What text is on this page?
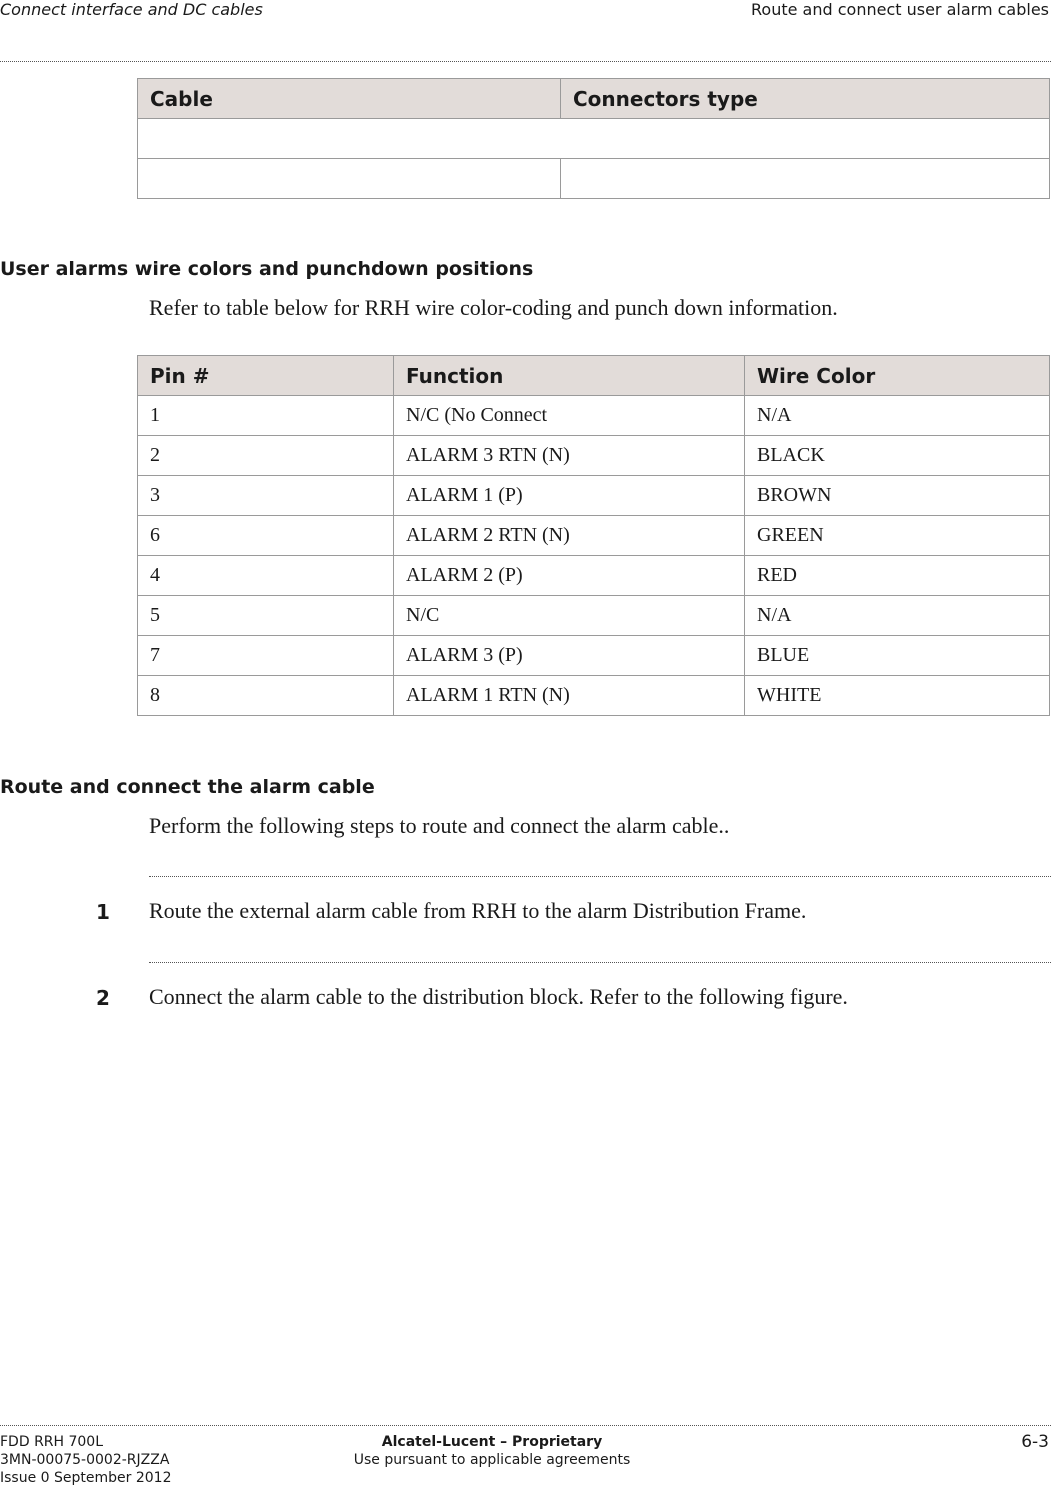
Connect interface and DC cables	Route and connect user alarm cables
Cable	Connectors type

User alarms wire colors and punchdown positions
Refer to table below for RRH wire color-coding and punch down information.
Pin #	Function	Wire Color
1	N/C (No Connect	N/A
2	ALARM 3 RTN (N)	BLACK
3	ALARM 1 (P)	BROWN
6	ALARM 2 RTN (N)	GREEN
4	ALARM 2 (P)	RED
5	N/C	N/A
7	ALARM 3 (P)	BLUE
8	ALARM 1 RTN (N)	WHITE
Route and connect the alarm cable
Perform the following steps to route and connect the alarm cable..
1 Route the external alarm cable from RRH to the alarm Distribution Frame.
2 Connect the alarm cable to the distribution block. Refer to the following figure.
FDD RRH 700L
3MN-00075-0002-RJZZA
Issue 0 September 2012
Alcatel-Lucent – Proprietary
Use pursuant to applicable agreements
6-3
